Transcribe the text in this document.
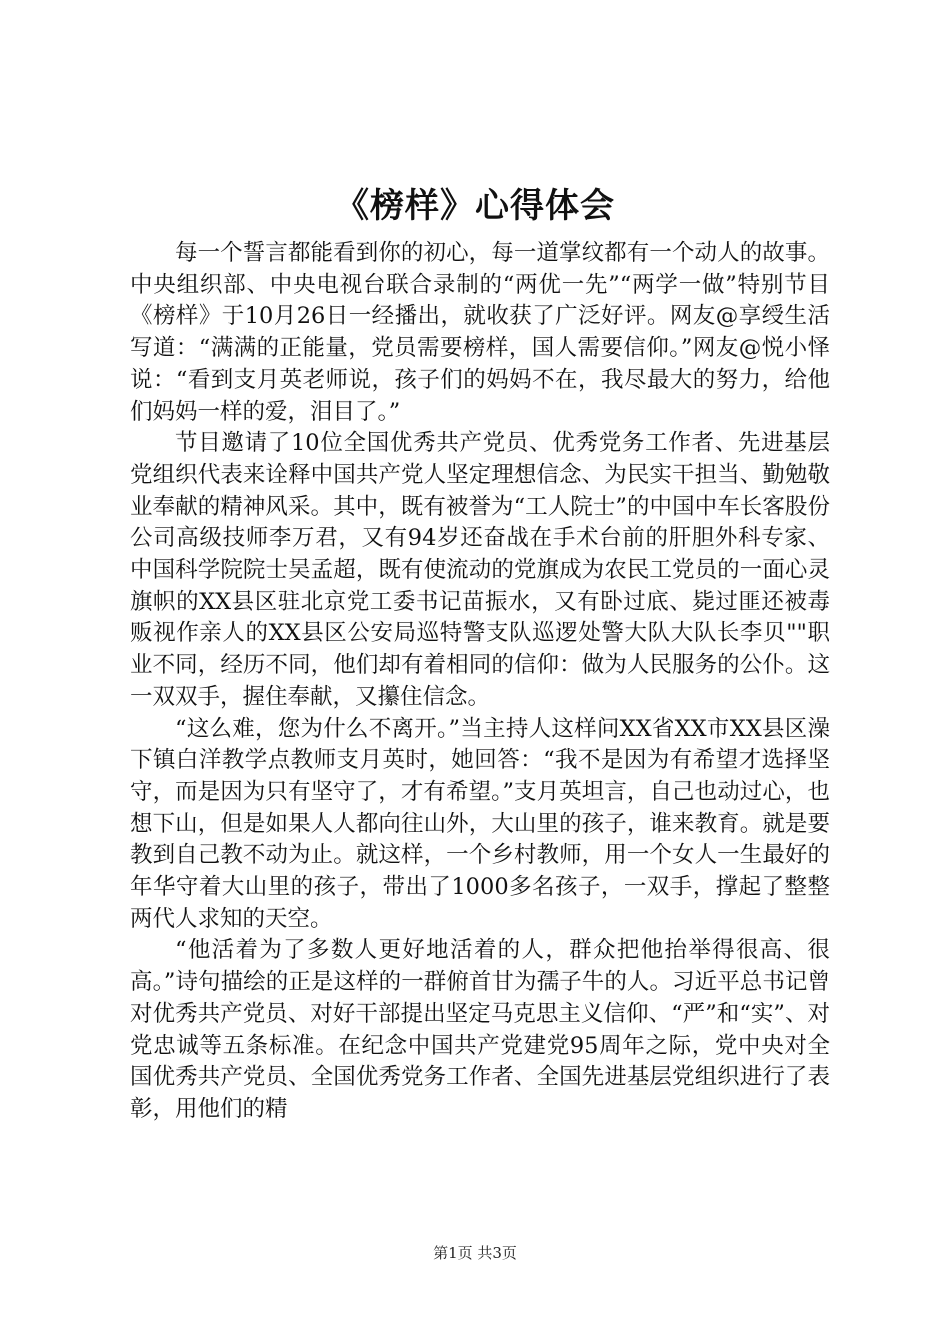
《榜样》心得体会

每一个誓言都能看到你的初心，每一道掌纹都有一个动人的故事。中央组织部、中央电视台联合录制的“两优一先”“两学一做”特别节目《榜样》于10月26日一经播出，就收获了广泛好评。网友@享绶生活写道：“满满的正能量，党员需要榜样，国人需要信仰。”网友@悦小怿说：“看到支月英老师说，孩子们的妈妈不在，我尽最大的努力，给他们妈妈一样的爱，泪目了。”

节目邀请了10位全国优秀共产党员、优秀党务工作者、先进基层党组织代表来诠释中国共产党人坚定理想信念、为民实干担当、勤勉敬业奉献的精神风采。其中，既有被誉为“工人院士”的中国中车长客股份公司高级技师李万君，又有94岁还奋战在手术台前的肝胆外科专家、中国科学院院士吴孟超，既有使流动的党旗成为农民工党员的一面心灵旗帜的XX县区驻北京党工委书记苗振水，又有卧过底、毙过匪还被毒贩视作亲人的XX县区公安局巡特警支队巡逻处警大队大队长李贝""职业不同，经历不同，他们却有着相同的信仰：做为人民服务的公仆。这一双双手，握住奉献，又攥住信念。

“这么难，您为什么不离开。”当主持人这样问XX省XX市XX县区澡下镇白洋教学点教师支月英时，她回答：“我不是因为有希望才选择坚守，而是因为只有坚守了，才有希望。”支月英坦言，自己也动过心，也想下山，但是如果人人都向往山外，大山里的孩子，谁来教育。就是要教到自己教不动为止。就这样，一个乡村教师，用一个女人一生最好的年华守着大山里的孩子，带出了1000多名孩子，一双手，撑起了整整两代人求知的天空。

“他活着为了多数人更好地活着的人，群众把他抬举得很高、很高。”诗句描绘的正是这样的一群俯首甘为孺子牛的人。习近平总书记曾对优秀共产党员、对好干部提出坚定马克思主义信仰、“严”和“实”、对党忠诚等五条标准。在纪念中国共产党建党95周年之际，党中央对全国优秀共产党员、全国优秀党务工作者、全国先进基层党组织进行了表彰，用他们的精

第1页 共3页
